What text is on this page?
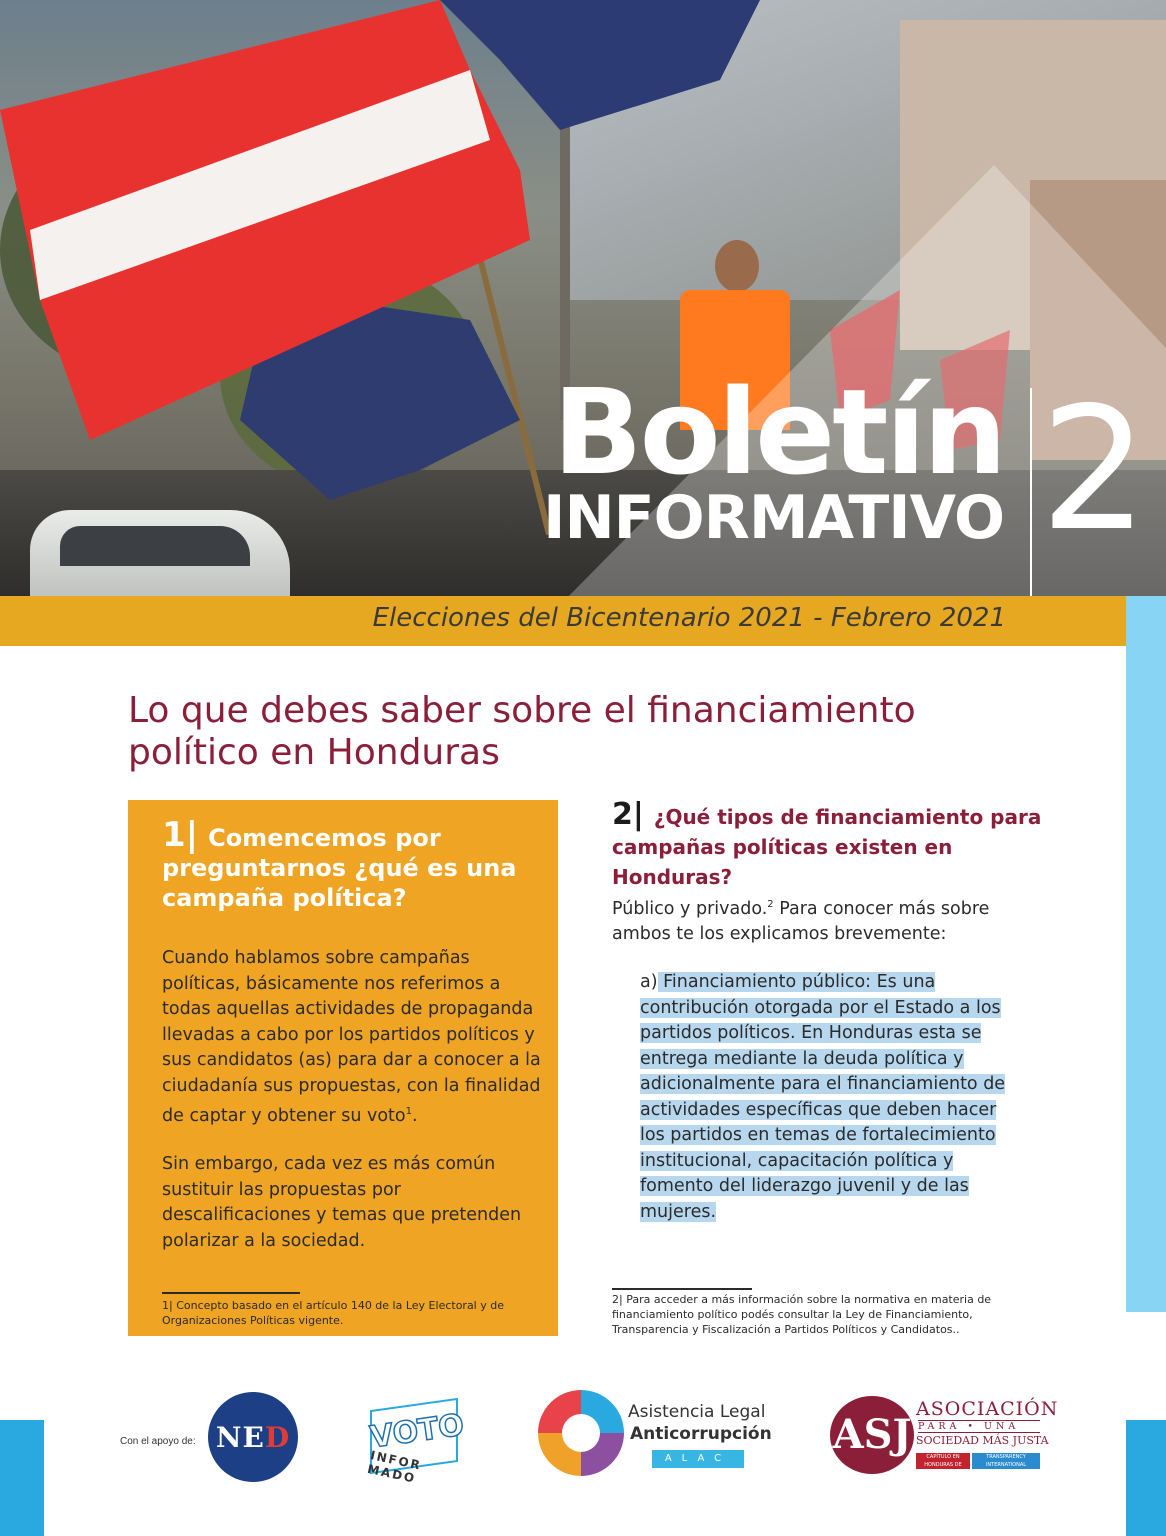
Boletín
INFORMATIVO 2
Elecciones del Bicentenario 2021 - Febrero 2021
Lo que debes saber sobre el financiamiento político en Honduras
1| Comencemos por preguntarnos ¿qué es una campaña política?

Cuando hablamos sobre campañas políticas, básicamente nos referimos a todas aquellas actividades de propaganda llevadas a cabo por los partidos políticos y sus candidatos (as) para dar a conocer a la ciudadanía sus propuestas, con la finalidad de captar y obtener su voto$^1$.

Sin embargo, cada vez es más común sustituir las propuestas por descalificaciones y temas que pretenden polarizar a la sociedad.

1| Concepto basado en el artículo 140 de la Ley Electoral y de Organizaciones Políticas vigente.

2| ¿Qué tipos de financiamiento para campañas políticas existen en Honduras?

Público y privado.$^2$ Para conocer más sobre ambos te los explicamos brevemente:

a) Financiamiento público: Es una contribución otorgada por el Estado a los partidos políticos. En Honduras esta se entrega mediante la deuda política y adicionalmente para el financiamiento de actividades específicas que deben hacer los partidos en temas de fortalecimiento institucional, capacitación política y fomento del liderazgo juvenil y de las mujeres.

2| Para acceder a más información sobre la normativa en materia de financiamiento político podés consultar la Ley de Financiamiento, Transparencia y Fiscalización a Partidos Políticos y Candidatos..

Con el apoyo de: NE D	VOTO
INFOR MADO
Asistencia Legal
Anticorrupción
ALAC
ASJ
ASOCIACIÓN
PARA • UNA
SOCIEDAD MÁS JUSTA
CAPÍTULO EN HONDURAS DE
TRANSPARENCY INTERNATIONAL
